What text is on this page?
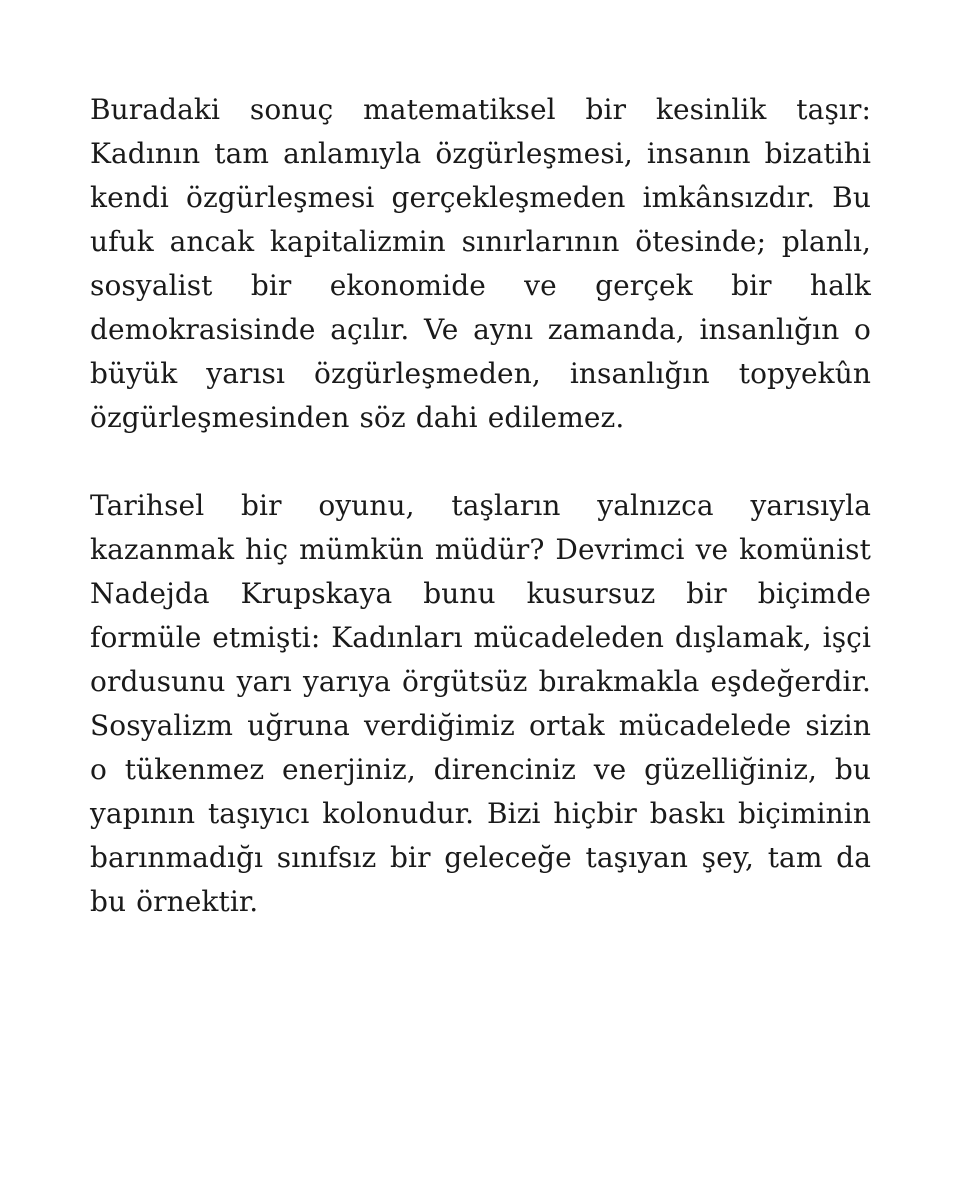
Buradaki sonuç matematiksel bir kesinlik taşır: Kadının tam anlamıyla özgürleşmesi, insanın bizatihi kendi özgürleşmesi gerçekleşmeden imkânsızdır. Bu ufuk ancak kapitalizmin sınırlarının ötesinde; planlı, sosyalist bir ekonomide ve gerçek bir halk demokrasisinde açılır. Ve aynı zamanda, insanlığın o büyük yarısı özgürleşmeden, insanlığın topyekûn özgürleşmesinden söz dahi edilemez.

Tarihsel bir oyunu, taşların yalnızca yarısıyla kazanmak hiç mümkün müdür? Devrimci ve komünist Nadejda Krupskaya bunu kusursuz bir biçimde formüle etmişti: Kadınları mücadeleden dışlamak, işçi ordusunu yarı yarıya örgütsüz bırakmakla eşdeğerdir. Sosyalizm uğruna verdiğimiz ortak mücadelede sizin o tükenmez enerjiniz, direnciniz ve güzelliğiniz, bu yapının taşıyıcı kolonudur. Bizi hiçbir baskı biçiminin barınmadığı sınıfsız bir geleceğe taşıyan şey, tam da bu örnektir.
